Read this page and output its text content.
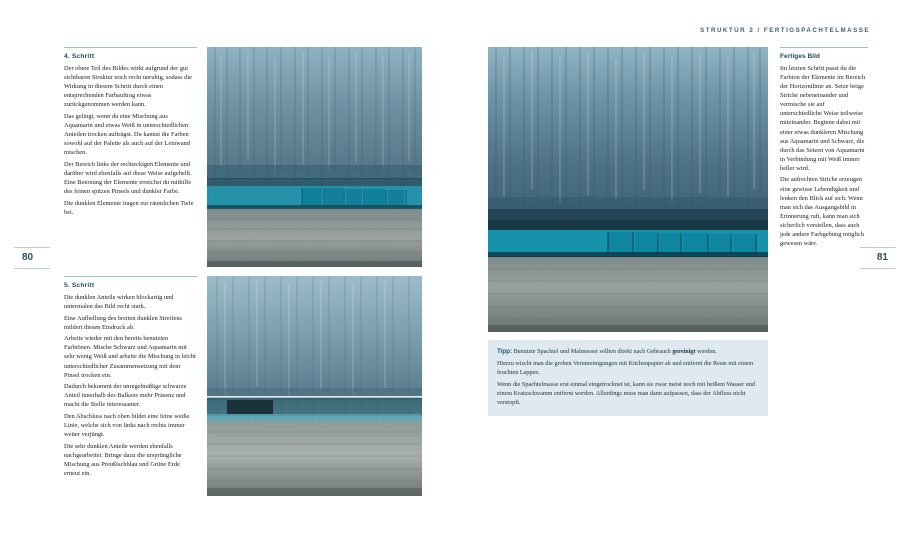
80

4. Schritt

Der obere Teil des Bildes wirkt aufgrund der gut sichtbaren Struktur noch recht unruhig, sodass die Wirkung in diesem Schritt durch einen entsprechenden Farbauftrag etwas zurückgenommen werden kann.

Das gelingt, wenn du eine Mischung aus Aquamarin und etwas Weiß in unterschiedlichen Anteilen trocken aufträgst. Du kannst die Farben sowohl auf der Palette als auch auf der Leinwand mischen.

Der Bereich links der rechteckigen Elemente und darüber wird ebenfalls auf diese Weise aufgehellt. Eine Betonung der Elemente erreichst du mithilfe des feinen spitzen Pinsels und dunkler Farbe.

Die dunklen Elemente tragen zur räumlichen Tiefe bei.

5. Schritt

Die dunklen Anteile wirken blockartig und untermalen das Bild recht stark.

Eine Aufhellung des breiten dunklen Streifens mildert diesen Eindruck ab.

Arbeite wieder mit den bereits benutzten Farbtönen. Mische Schwarz und Aquamarin mit sehr wenig Weiß und arbeite die Mischung in leicht unterschiedlicher Zusammensetzung mit dem Pinsel trocken ein.

Dadurch bekommt der unregelmäßige schwarze Anteil innerhalb des Balkens mehr Präsenz und macht die Stelle interessanter.

Den Abschluss nach oben bildet eine feine weiße Linie, welche sich von links nach rechts immer weiter verjüngt.

Die sehr dunklen Anteile werden ebenfalls nachgearbeitet. Bringe dazu die ursprüngliche Mischung aus Preußischblau und Grüne Erde erneut ein.

STRUKTUR 2 / FERTIGSPACHTELMASSE
81

Tipp: Benutzte Spachtel und Malmesser sollten direkt nach Gebrauch gereinigt werden.

Hierzu wischt man die groben Verunreinigungen mit Küchenpapier ab und entfernt die Reste mit einem feuchten Lappen.

Wenn die Spachtelmasse erst einmal eingetrocknet ist, kann sie zwar meist noch mit heißem Wasser und einem Kratzschwamm entfernt werden. Allerdings muss man dann aufpassen, dass der Abfluss nicht verstopft.

Fertiges Bild

Im letzten Schritt passt du die Farbton der Elemente im Bereich der Horizontlinie an. Setze beige Striche nebeneinander und vermische sie auf unterschiedliche Weise teilweise miteinander. Beginne dabei mit einer etwas dunkleren Mischung aus Aquamarin und Schwarz, die durch das Setzen von Aquamarin in Verbindung mit Weiß immer heller wird.

Die aufrechten Striche erzeugen eine gewisse Lebendigkeit und lenken den Blick auf sich. Wenn man sich das Ausgangsbild in Erinnerung ruft, kann man sich sicherlich vorstellen, dass auch jede andere Farbgebung möglich gewesen wäre.
